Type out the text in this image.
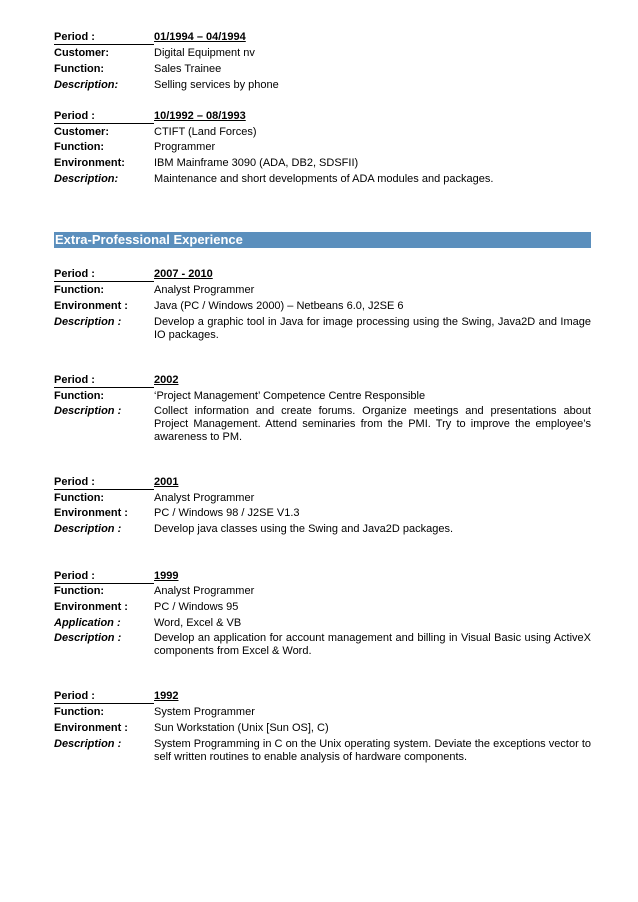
Period :	01/1994 – 04/1994
Customer:	Digital Equipment nv
Function:	Sales Trainee
Description:	Selling services by phone
Period :	10/1992 – 08/1993
Customer:	CTIFT (Land Forces)
Function:	Programmer
Environment:	IBM Mainframe 3090 (ADA, DB2, SDSFII)
Description:	Maintenance and short developments of ADA modules and packages.
Extra-Professional Experience
Period :	2007 - 2010
Function:	Analyst Programmer
Environment : Java (PC / Windows 2000) – Netbeans 6.0, J2SE 6
Description :	Develop a graphic tool in Java for image processing using the Swing, Java2D and Image IO packages.
Period :	2002
Function:	‘Project Management’ Competence Centre Responsible
Description :	Collect information and create forums. Organize meetings and presentations about Project Management. Attend seminaries from the PMI. Try to improve the employee’s awareness to PM.
Period :	2001
Function:	Analyst Programmer
Environment : PC / Windows 98 / J2SE V1.3
Description :	Develop java classes using the Swing and Java2D packages.
Period :	1999
Function:	Analyst Programmer
Environment : PC / Windows 95
Application :	Word, Excel & VB
Description :	Develop an application for account management and billing in Visual Basic using ActiveX components from Excel & Word.
Period :	1992
Function:	System Programmer
Environment : Sun Workstation (Unix [Sun OS], C)
Description :	System Programming in C on the Unix operating system. Deviate the exceptions vector to self written routines to enable analysis of hardware components.
